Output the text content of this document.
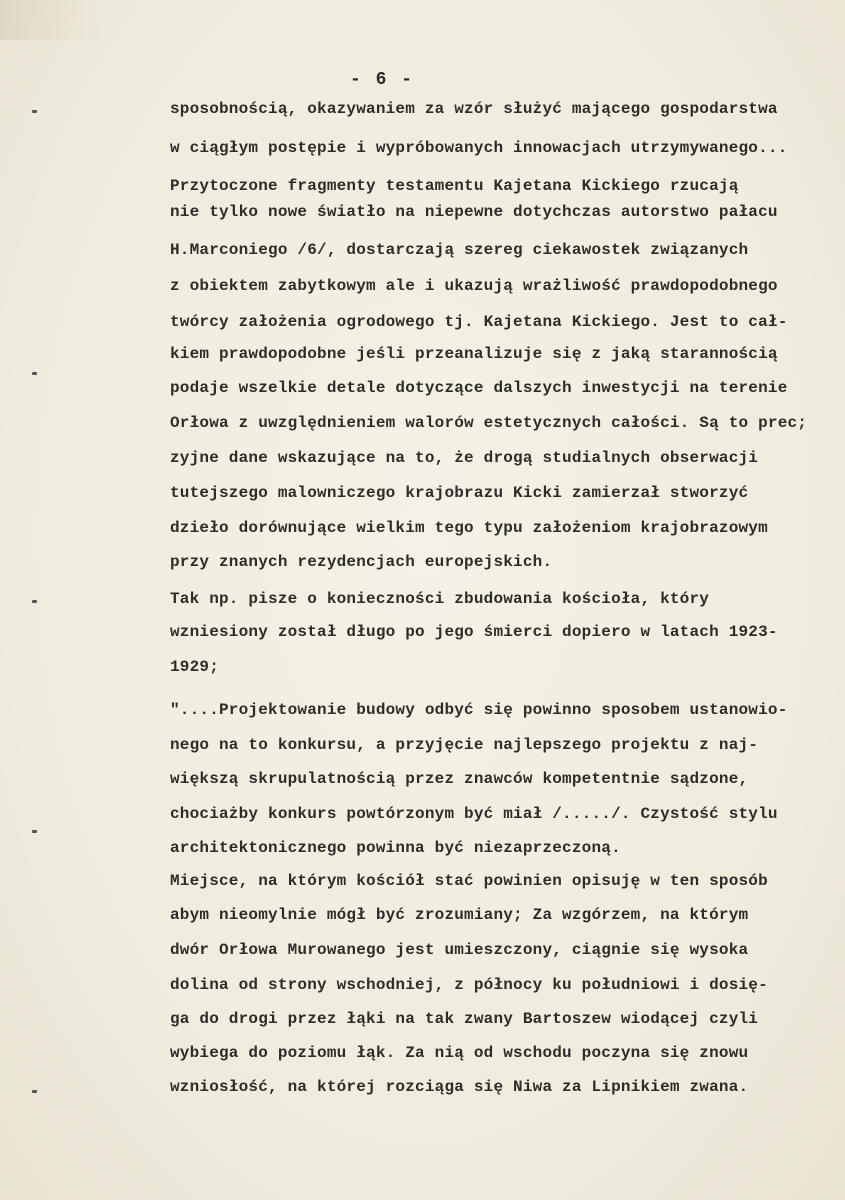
- 6 -
sposobnością, okazywaniem za wzór służyć mającego gospodarstwa
w ciągłym postępie i wypróbowanych innowacjach utrzymywanego...
Przytoczone fragmenty testamentu Kajetana Kickiego rzucają
nie tylko nowe światło na niepewne dotychczas autorstwo pałacu
H.Marconiego /6/, dostarczają szereg ciekawostek związanych
z obiektem zabytkowym ale i ukazują wrażliwość prawdopodobnego
twórcy założenia ogrodowego tj. Kajetana Kickiego. Jest to cał-
kiem prawdopodobne jeśli przeanalizuje się z jaką starannością
podaje wszelkie detale dotyczące dalszych inwestycji na terenie
Orłowa z uwzględnieniem walorów estetycznych całości. Są to prec;
zyjne dane wskazujące na to, że drogą studialnych obserwacji
tutejszego malowniczego krajobrazu Kicki zamierzał stworzyć
dzieło dorównujące wielkim tego typu założeniom krajobrazowym
przy znanych rezydencjach europejskich.
Tak np. pisze o konieczności zbudowania kościoła, który
wzniesiony został długo po jego śmierci dopiero w latach 1923-
1929;
"....Projektowanie budowy odbyć się powinno sposobem ustanowio-
nego na to konkursu, a przyjęcie najlepszego projektu z naj-
większą skrupulatnością przez znawców kompetentnie sądzone,
chociażby konkurs powtórzonym być miał /...../. Czystość stylu
architektonicznego powinna być niezaprzeczoną.
Miejsce, na którym kościół stać powinien opisuję w ten sposób
abym nieomylnie mógł być zrozumiany; Za wzgórzem, na którym
dwór Orłowa Murowanego jest umieszczony, ciągnie się wysoka
dolina od strony wschodniej, z północy ku południowi i dosię-
ga do drogi przez łąki na tak zwany Bartoszew wiodącej czyli
wybiega do poziomu łąk. Za nią od wschodu poczyna się znowu
wzniosłość, na której rozciąga się Niwa za Lipnikiem zwana.
